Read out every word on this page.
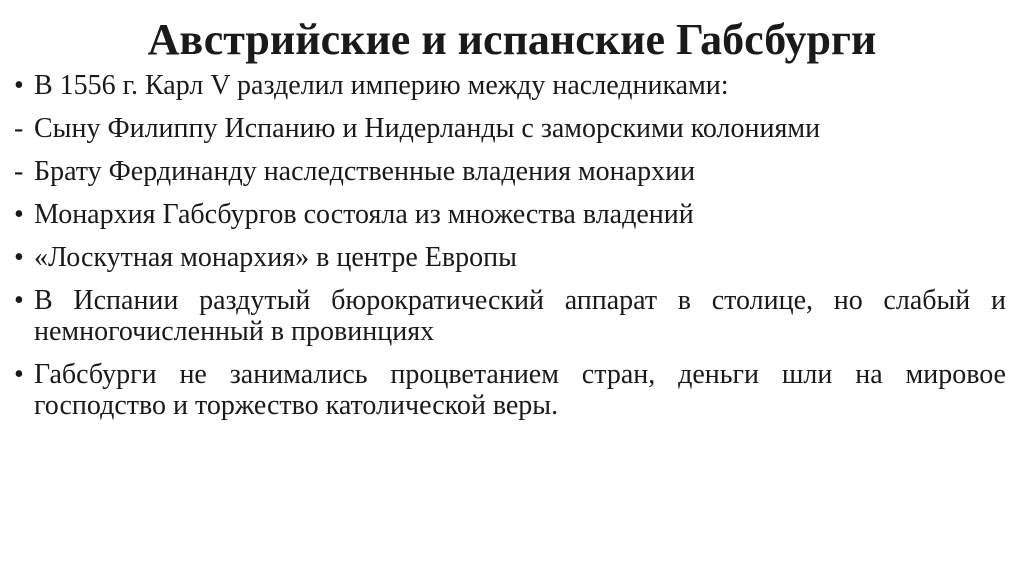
Австрийские и испанские Габсбурги
• В 1556 г. Карл V разделил империю между наследниками:
- Сыну Филиппу Испанию и Нидерланды с заморскими колониями
- Брату Фердинанду наследственные владения монархии
• Монархия Габсбургов состояла из множества владений
• «Лоскутная монархия» в центре Европы
• В Испании раздутый бюрократический аппарат в столице, но слабый и немногочисленный в провинциях
• Габсбурги не занимались процветанием стран, деньги шли на мировое господство и торжество католической веры.
